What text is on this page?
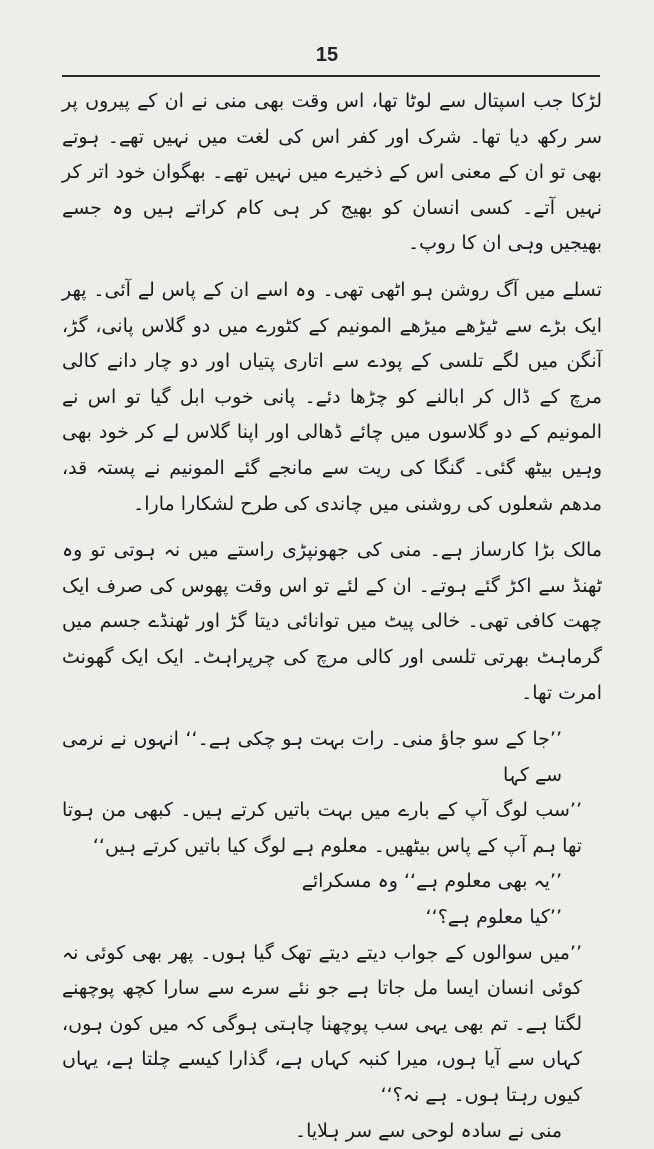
15

لڑکا جب اسپتال سے لوٹا تھا، اس وقت بھی منی نے ان کے پیروں پر سر رکھ دیا تھا۔ شرک اور کفر اس کی لغت میں نہیں تھے۔ ہوتے بھی تو ان کے معنی اس کے ذخیرے میں نہیں تھے۔ بھگوان خود اتر کر نہیں آتے۔ کسی انسان کو بھیج کر ہی کام کراتے ہیں وہ جسے بھیجیں وہی ان کا روپ۔

تسلے میں آگ روشن ہو اٹھی تھی۔ وہ اسے ان کے پاس لے آئی۔ پھر ایک بڑے سے ٹیڑھے میڑھے المونیم کے کٹورے میں دو گلاس پانی، گڑ، آنگن میں لگے تلسی کے پودے سے اتاری پتیاں اور دو چار دانے کالی مرچ کے ڈال کر ابالنے کو چڑھا دئے۔ پانی خوب ابل گیا تو اس نے المونیم کے دو گلاسوں میں چائے ڈھالی اور اپنا گلاس لے کر خود بھی وہیں بیٹھ گئی۔ گنگا کی ریت سے مانجے گئے المونیم نے پستہ قد، مدھم شعلوں کی روشنی میں چاندی کی طرح لشکارا مارا۔

مالک بڑا کارساز ہے۔ منی کی جھونپڑی راستے میں نہ ہوتی تو وہ ٹھنڈ سے اکڑ گئے ہوتے۔ ان کے لئے تو اس وقت پھوس کی صرف ایک چھت کافی تھی۔ خالی پیٹ میں توانائی دیتا گڑ اور ٹھنڈے جسم میں گرماہٹ بھرتی تلسی اور کالی مرچ کی چرپراہٹ۔ ایک ایک گھونٹ امرت تھا۔

’’جا کے سو جاؤ منی۔ رات بہت ہو چکی ہے۔‘‘ انہوں نے نرمی سے کہا

’’سب لوگ آپ کے بارے میں بہت باتیں کرتے ہیں۔ کبھی من ہوتا تھا ہم آپ کے پاس بیٹھیں۔ معلوم ہے لوگ کیا باتیں کرتے ہیں‘‘

’’یہ بھی معلوم ہے‘‘ وہ مسکرائے

’’کیا معلوم ہے؟‘‘

’’میں سوالوں کے جواب دیتے دیتے تھک گیا ہوں۔ پھر بھی کوئی نہ کوئی انسان ایسا مل جاتا ہے جو نئے سرے سے سارا کچھ پوچھنے لگتا ہے۔ تم بھی یہی سب پوچھنا چاہتی ہوگی کہ میں کون ہوں، کہاں سے آیا ہوں، میرا کنبہ کہاں ہے، گذارا کیسے چلتا ہے، یہاں کیوں رہتا ہوں۔ ہے نہ؟‘‘

منی نے سادہ لوحی سے سر ہلایا۔
